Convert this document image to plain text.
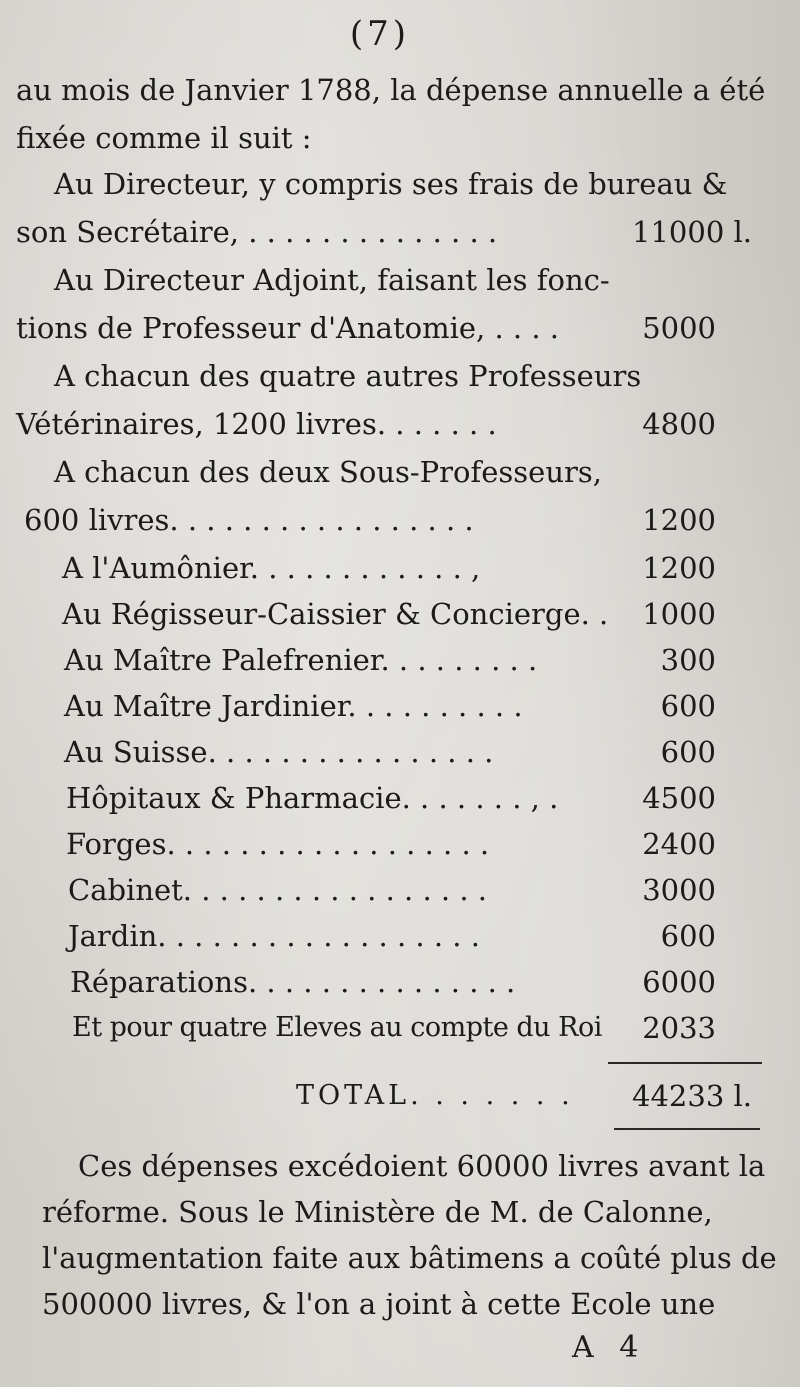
(7)
au mois de Janvier 1788, la dépense annuelle a été
fixée comme il suit :
Au Directeur, y compris ses frais de bureau &
son Secrétaire, . . . . . . . . . . . . . .	11000 l.
Au Directeur Adjoint, faisant les fonc-
tions de Professeur d'Anatomie, . . . .	5000
A chacun des quatre autres Professeurs
Vétérinaires, 1200 livres. . . . . . .	4800
A chacun des deux Sous-Professeurs,
600 livres. . . . . . . . . . . . . . . . .	1200
A l'Aumônier. . . . . . . . . . . . ,	1200
Au Régisseur-Caissier & Concierge. .	1000
Au Maître Palefrenier. . . . . . . . .	300
Au Maître Jardinier. . . . . . . . . .	600
Au Suisse. . . . . . . . . . . . . . . .	600
Hôpitaux & Pharmacie. . . . . . . , .	4500
Forges. . . . . . . . . . . . . . . . . .	2400
Cabinet. . . . . . . . . . . . . . . . .	3000
Jardin. . . . . . . . . . . . . . . . . .	600
Réparations. . . . . . . . . . . . . . .	6000
Et pour quatre Eleves au compte du Roi	2033
TOTAL. . . . . . .	44233 l.
Ces dépenses excédoient 60000 livres avant la
réforme. Sous le Ministère de M. de Calonne,
l'augmentation faite aux bâtimens a coûté plus de
500000 livres, & l'on a joint à cette Ecole une
A 4
